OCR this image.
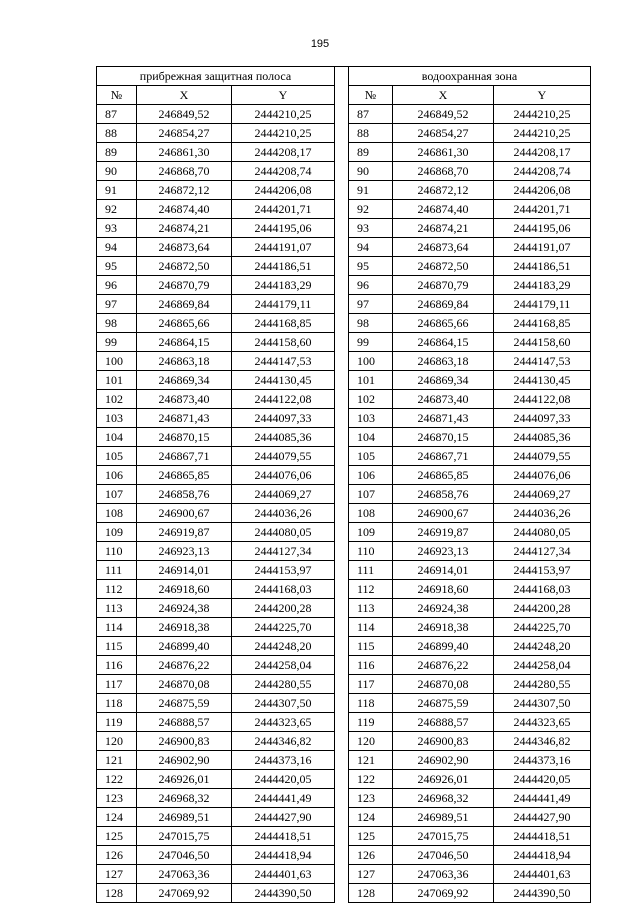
195
прибрежная защитная полоса		
№	X	Y
87	246849,52	2444210,25
88	246854,27	2444210,25
89	246861,30	2444208,17
90	246868,70	2444208,74
91	246872,12	2444206,08
92	246874,40	2444201,71
93	246874,21	2444195,06
94	246873,64	2444191,07
95	246872,50	2444186,51
96	246870,79	2444183,29
97	246869,84	2444179,11
98	246865,66	2444168,85
99	246864,15	2444158,60
100	246863,18	2444147,53
101	246869,34	2444130,45
102	246873,40	2444122,08
103	246871,43	2444097,33
104	246870,15	2444085,36
105	246867,71	2444079,55
106	246865,85	2444076,06
107	246858,76	2444069,27
108	246900,67	2444036,26
109	246919,87	2444080,05
110	246923,13	2444127,34
111	246914,01	2444153,97
112	246918,60	2444168,03
113	246924,38	2444200,28
114	246918,38	2444225,70
115	246899,40	2444248,20
116	246876,22	2444258,04
117	246870,08	2444280,55
118	246875,59	2444307,50
119	246888,57	2444323,65
120	246900,83	2444346,82
121	246902,90	2444373,16
122	246926,01	2444420,05
123	246968,32	2444441,49
124	246989,51	2444427,90
125	247015,75	2444418,51
126	247046,50	2444418,94
127	247063,36	2444401,63
128	247069,92	2444390,50
водоохранная зона		
№	X	Y
87	246849,52	2444210,25
88	246854,27	2444210,25
89	246861,30	2444208,17
90	246868,70	2444208,74
91	246872,12	2444206,08
92	246874,40	2444201,71
93	246874,21	2444195,06
94	246873,64	2444191,07
95	246872,50	2444186,51
96	246870,79	2444183,29
97	246869,84	2444179,11
98	246865,66	2444168,85
99	246864,15	2444158,60
100	246863,18	2444147,53
101	246869,34	2444130,45
102	246873,40	2444122,08
103	246871,43	2444097,33
104	246870,15	2444085,36
105	246867,71	2444079,55
106	246865,85	2444076,06
107	246858,76	2444069,27
108	246900,67	2444036,26
109	246919,87	2444080,05
110	246923,13	2444127,34
111	246914,01	2444153,97
112	246918,60	2444168,03
113	246924,38	2444200,28
114	246918,38	2444225,70
115	246899,40	2444248,20
116	246876,22	2444258,04
117	246870,08	2444280,55
118	246875,59	2444307,50
119	246888,57	2444323,65
120	246900,83	2444346,82
121	246902,90	2444373,16
122	246926,01	2444420,05
123	246968,32	2444441,49
124	246989,51	2444427,90
125	247015,75	2444418,51
126	247046,50	2444418,94
127	247063,36	2444401,63
128	247069,92	2444390,50
